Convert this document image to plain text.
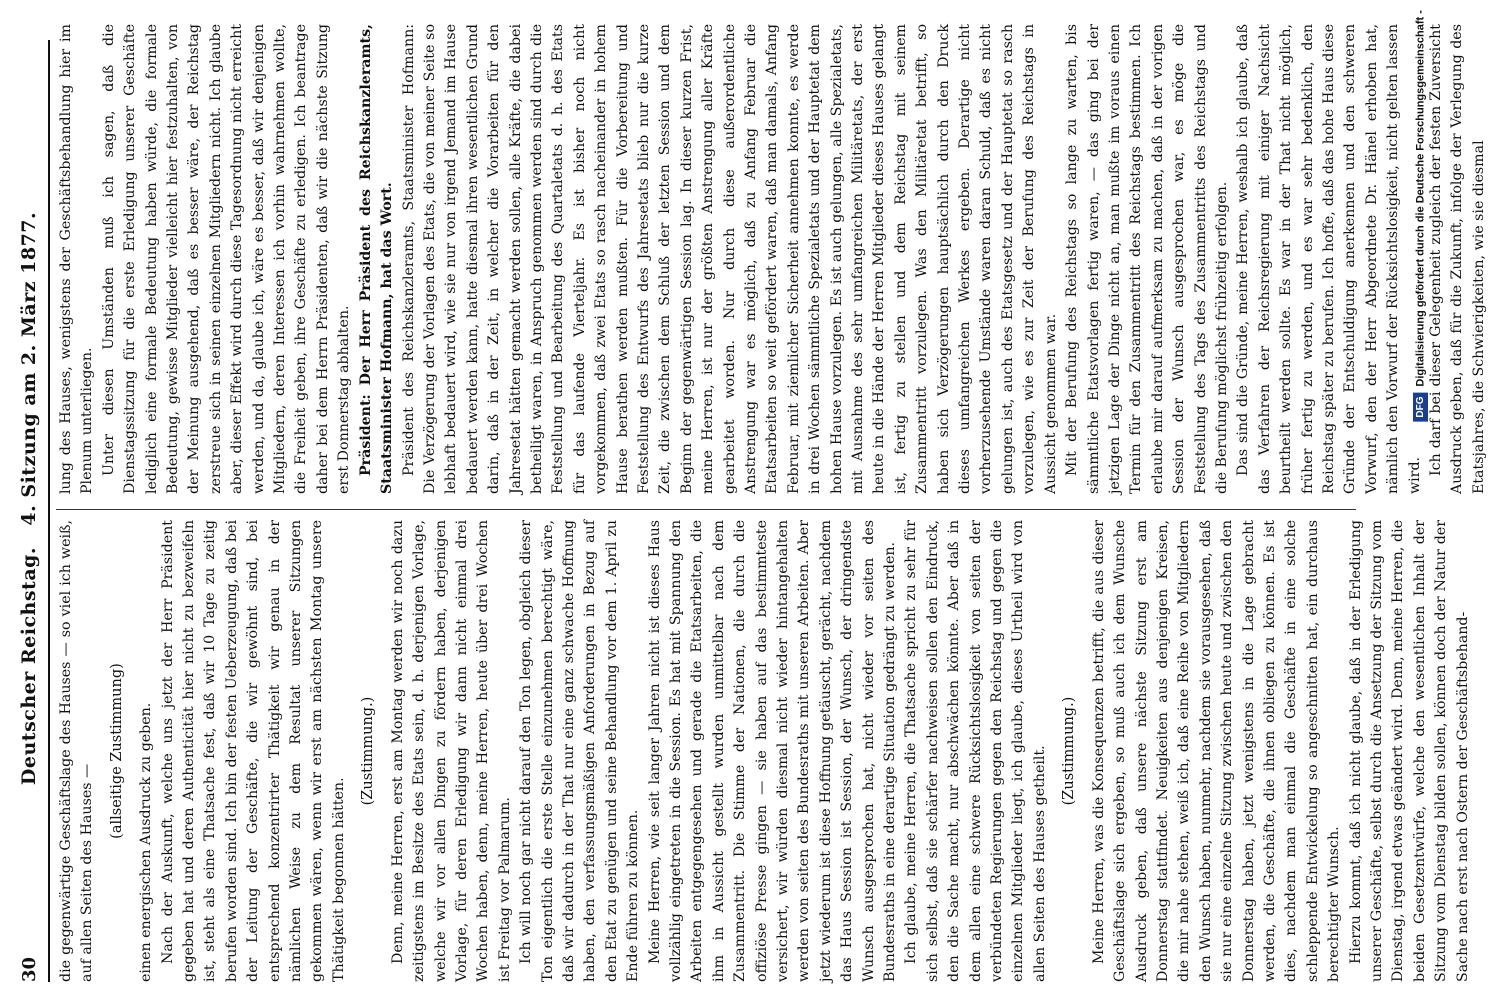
30
Deutscher Reichstag.   4. Sitzung am 2. März 1877.

die gegenwärtige Geschäftslage des Hauses — so viel ich weiß, auf allen Seiten des Hauses —

(allseitige Zustimmung) einen energischen Ausdruck zu geben. Nach der Auskunft, welche uns jetzt der Herr Präsident gegeben hat und deren Authenticität hier nicht zu bezweifeln ist, steht als eine Thatsache fest, daß wir 10 Tage zu zeitig berufen worden sind. Ich bin der festen Ueberzeugung, daß bei der Leitung der Geschäfte, die wir gewöhnt sind, bei entsprechend konzentrirter Thätigkeit wir genau in der nämlichen Weise zu dem Resultat unserer Sitzungen gekommen wären, wenn wir erst am nächsten Montag unsere Thätigkeit begonnen hätten.

(Zustimmung.) Denn, meine Herren, erst am Montag werden wir noch dazu zeitigstens im Besitze des Etats sein, d. h. derjenigen Vorlage, welche wir vor allen Dingen zu fördern haben, derjenigen Vorlage, für deren Erledigung wir dann nicht einmal drei Wochen haben, denn, meine Herren, heute über drei Wochen ist Freitag vor Palmarum. Ich will noch gar nicht darauf den Ton legen, obgleich dieser Ton eigentlich die erste Stelle einzunehmen berechtigt wäre, daß wir dadurch in der That nur eine ganz schwache Hoffnung haben, den verfassungsmäßigen Anforderungen in Bezug auf den Etat zu genügen und seine Behandlung vor dem 1. April zu Ende führen zu können. Meine Herren, wie seit langer Jahren nicht ist dieses Haus vollzählig eingetreten in die Session. Es hat mit Spannung den Arbeiten entgegengesehen und gerade die Etatsarbeiten, die ihm in Aussicht gestellt wurden unmittelbar nach dem Zusammentritt. Die Stimme der Nationen, die durch die offiziöse Presse gingen — sie haben auf das bestimmteste versichert, wir würden diesmal nicht wieder hintangehalten werden von seiten des Bundesraths mit unseren Arbeiten. Aber jetzt wiederum ist diese Hoffnung getäuscht, gerächt, nachdem das Haus Session ist Session, der Wunsch, der dringendste Wunsch ausgesprochen hat, nicht wieder vor seiten des Bundesraths in eine derartige Situation gedrängt zu werden. Ich glaube, meine Herren, die Thatsache spricht zu sehr für sich selbst, daß sie schärfer nachweisen sollen den Eindruck, den die Sache macht, nur abschwächen könnte. Aber daß in dem allen eine schwere Rücksichtslosigkeit von seiten der verbündeten Regierungen gegen den Reichstag und gegen die einzelnen Mitglieder liegt, ich glaube, dieses Urtheil wird von allen Seiten des Hauses getheilt. (Zustimmung.) Meine Herren, was die Konsequenzen betrifft, die aus dieser Geschäftslage sich ergeben, so muß auch ich dem Wunsche Ausdruck geben, daß unsere nächste Sitzung erst am Donnerstag stattfindet. Neuigkeiten aus denjenigen Kreisen, die mir nahe stehen, weiß ich, daß eine Reihe von Mitgliedern den Wunsch haben, nunmehr, nachdem sie vorausgesehen, daß sie nur eine einzelne Sitzung zwischen heute und zwischen den Donnerstag haben, jetzt wenigstens in die Lage gebracht werden, die Geschäfte, die ihnen obliegen zu können. Es ist dies, nachdem man einmal die Geschäfte in eine solche schleppende Entwickelung so angeschnitten hat, ein durchaus berechtigter Wunsch. Hierzu kommt, daß ich nicht glaube, daß in der Erledigung unserer Geschäfte, selbst durch die Ansetzung der Sitzung vom Dienstag, irgend etwas geändert wird. Denn, meine Herren, die beiden Gesetzentwürfe, welche den wesentlichen Inhalt der Sitzung vom Dienstag bilden sollen, können doch der Natur der Sache nach erst nach Ostern der Geschäftsbehand-

lung des Hauses, wenigstens der Geschäftsbehandlung hier im Plenum unterliegen. Unter diesen Umständen muß ich sagen, daß die Dienstagssitzung für die erste Erledigung unserer Geschäfte lediglich eine formale Bedeutung haben würde, die formale Bedeutung, gewisse Mitglieder vielleicht hier festzuhalten, von der Meinung ausgehend, daß es besser wäre, der Reichstag zerstreue sich in seinen einzelnen Mitgliedern nicht. Ich glaube aber, dieser Effekt wird durch diese Tagesordnung nicht erreicht werden, und da, glaube ich, wäre es besser, daß wir denjenigen Mitgliedern, deren Interessen ich vorhin wahrnehmen wollte, die Freiheit geben, ihre Geschäfte zu erledigen. Ich beantrage daher bei dem Herrn Präsidenten, daß wir die nächste Sitzung erst Donnerstag abhalten. Präsident: Der Herr Präsident des Reichskanzleramts, Staatsminister Hofmann, hat das Wort. Präsident des Reichskanzleramts, Staatsminister Hofmann: Die Verzögerung der Vorlagen des Etats, die von meiner Seite so lebhaft bedauert wird, wie sie nur von irgend Jemand im Hause bedauert werden kann, hatte diesmal ihren wesentlichen Grund darin, daß in der Zeit, in welcher die Vorarbeiten für den Jahresetat hätten gemacht werden sollen, alle Kräfte, die dabei betheiligt waren, in Anspruch genommen werden sind durch die Feststellung und Bearbeitung des Quartaletats d. h. des Etats für das laufende Vierteljahr. Es ist bisher noch nicht vorgekommen, daß zwei Etats so rasch nacheinander in hohem Hause berathen werden mußten. Für die Vorbereitung und Feststellung des Entwurfs des Jahresetats blieb nur die kurze Zeit, die zwischen dem Schluß der letzten Session und dem Beginn der gegenwärtigen Session lag. In dieser kurzen Frist, meine Herren, ist nur der größten Anstrengung aller Kräfte gearbeitet worden. Nur durch diese außerordentliche Anstrengung war es möglich, daß zu Anfang Februar die Etatsarbeiten so weit gefördert waren, daß man damals, Anfang Februar, mit ziemlicher Sicherheit annehmen konnte, es werde in drei Wochen sämmtliche Spezialetats und der Hauptetat dem hohen Hause vorzulegen. Es ist auch gelungen, alle Spezialetats, mit Ausnahme des sehr umfangreichen Militäretats, der erst heute in die Hände der Herren Mitglieder dieses Hauses gelangt ist, fertig zu stellen und dem Reichstag mit seinem Zusammentritt vorzulegen. Was den Militäretat betrifft, so haben sich Verzögerungen hauptsächlich durch den Druck dieses umfangreichen Werkes ergeben. Derartige nicht vorherzusehende Umstände waren daran Schuld, daß es nicht gelungen ist, auch des Etatsgesetz und der Hauptetat so rasch vorzulegen, wie es zur Zeit der Berufung des Reichstags in Aussicht genommen war. Mit der Berufung des Reichstags so lange zu warten, bis sämmtliche Etatsvorlagen fertig waren, — das ging bei der jetzigen Lage der Dinge nicht an, man mußte im voraus einen Termin für den Zusammentritt des Reichstags bestimmen. Ich erlaube mir darauf aufmerksam zu machen, daß in der vorigen Session der Wunsch ausgesprochen war, es möge die Feststellung des Tags des Zusammentritts des Reichstags und die Berufung möglichst frühzeitig erfolgen. Das sind die Gründe, meine Herren, weshalb ich glaube, daß das Verfahren der Reichsregierung mit einiger Nachsicht beurtheilt werden sollte. Es war in der That nicht möglich, früher fertig zu werden, und es war sehr bedenklich, den Reichstag später zu berufen. Ich hoffe, daß das hohe Haus diese Gründe der Entschuldigung anerkennen und den schweren Vorwurf, den der Herr Abgeordnete Dr. Hänel erhoben hat, nämlich den Vorwurf der Rücksichtslosigkeit, nicht gelten lassen wird. Ich darf bei dieser Gelegenheit zugleich der festen Zuversicht Ausdruck geben, daß für die Zukunft, infolge der Verlegung des Etatsjahres, die Schwierigkeiten, wie sie diesmal

DFG
Digitalisierung gefördert durch die Deutsche Forschungsgemeinschaft -
